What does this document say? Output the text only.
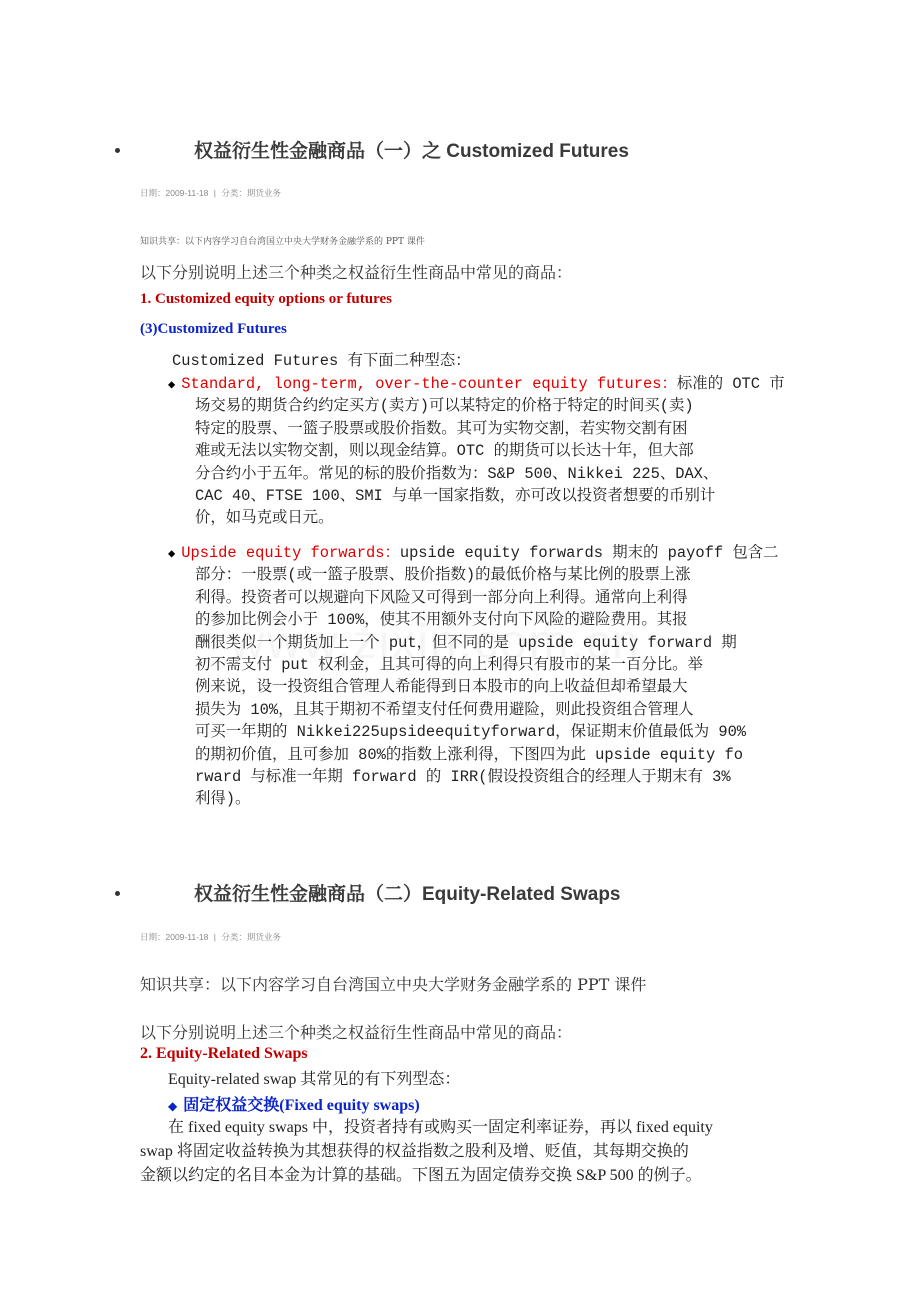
权益衍生性金融商品（一）之 Customized Futures
日期：2009-11-18 | 分类：期货业务
知识共享：以下内容学习自台湾国立中央大学财务金融学系的 PPT 课件
以下分别说明上述三个种类之权益衍生性商品中常见的商品：
1. Customized equity options or futures
(3)Customized Futures
Customized Futures 有下面二种型态：
◆ Standard, long-term, over-the-counter equity futures：标准的 OTC 市
场交易的期货合约约定买方(卖方)可以某特定的价格于特定的时间买(卖)
特定的股票、一篮子股票或股价指数。其可为实物交割，若实物交割有困
难或无法以实物交割，则以现金结算。OTC 的期货可以长达十年，但大部
分合约小于五年。常见的标的股价指数为：S&P 500、Nikkei 225、DAX、
CAC 40、FTSE 100、SMI 与单一国家指数，亦可改以投资者想要的币别计
价，如马克或日元。
◆ Upside equity forwards：upside equity forwards 期末的 payoff 包含二
部分：一股票(或一篮子股票、股价指数)的最低价格与某比例的股票上涨
利得。投资者可以规避向下风险又可得到一部分向上利得。通常向上利得
的参加比例会小于 100%，使其不用额外支付向下风险的避险费用。其报
酬很类似一个期货加上一个 put，但不同的是 upside equity forward 期
初不需支付 put 权利金，且其可得的向上利得只有股市的某一百分比。举
例来说，设一投资组合管理人希能得到日本股市的向上收益但却希望最大
损失为 10%，且其于期初不希望支付任何费用避险，则此投资组合管理人
可买一年期的 Nikkei225upsideequityforward，保证期末价值最低为 90%
的期初价值，且可参加 80%的指数上涨利得，下图四为此 upside equity fo
rward 与标准一年期 forward 的 IRR(假设投资组合的经理人于期末有 3%
利得)。
权益衍生性金融商品（二）Equity-Related Swaps
日期：2009-11-18 | 分类：期货业务
知识共享：以下内容学习自台湾国立中央大学财务金融学系的 PPT 课件
以下分别说明上述三个种类之权益衍生性商品中常见的商品：
2. Equity-Related Swaps
Equity-related swap 其常见的有下列型态：
◆ 固定权益交换(Fixed equity swaps)
在 fixed equity swaps 中，投资者持有或购买一固定利率证券，再以 fixed equity
swap 将固定收益转换为其想获得的权益指数之股利及增、贬值，其每期交换的
金额以约定的名目本金为计算的基础。下图五为固定债券交换 S&P 500 的例子。
